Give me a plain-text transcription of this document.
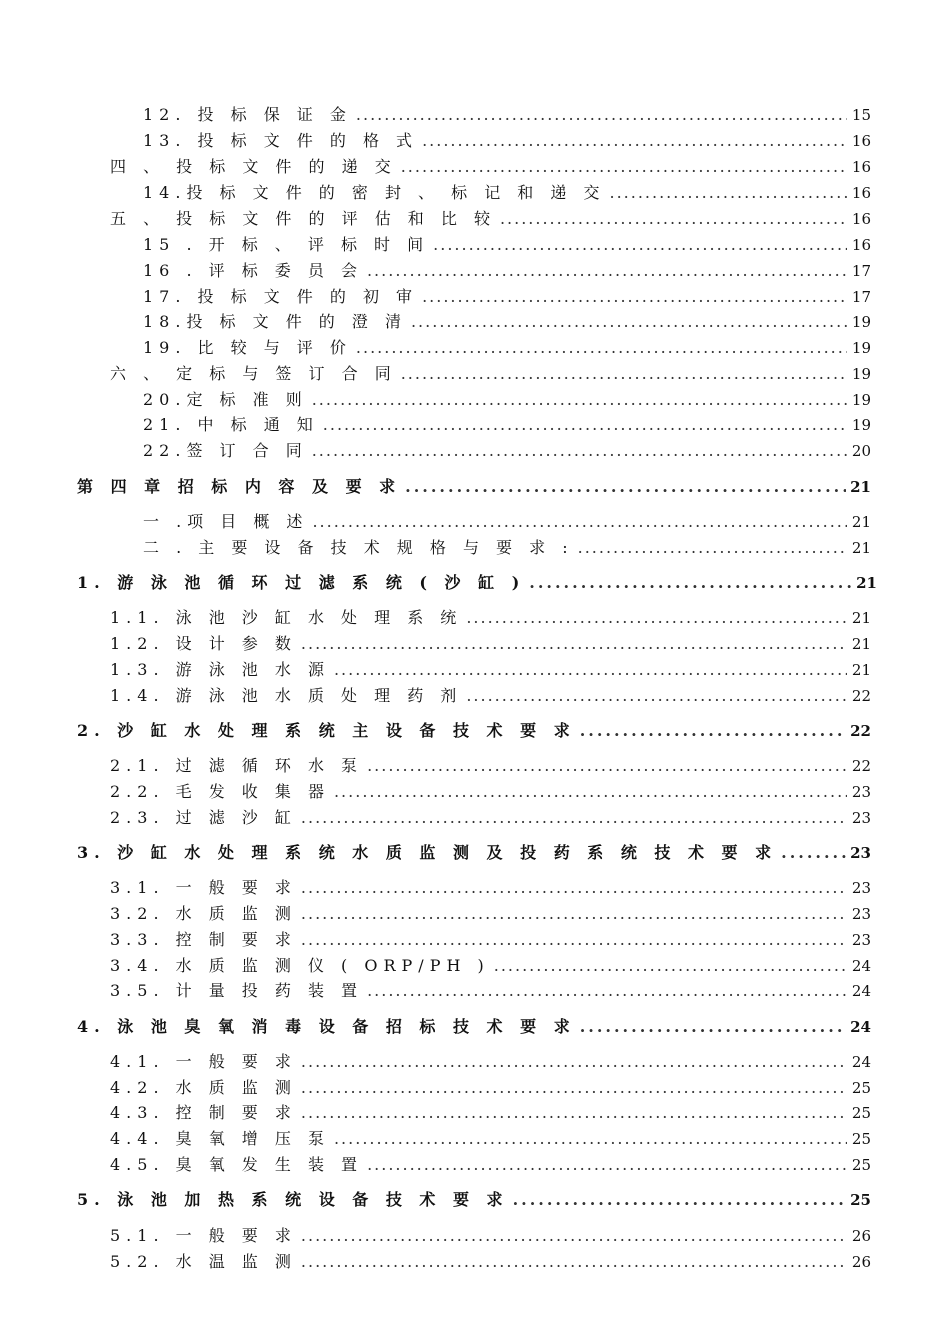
12. 投 标 保 证 金 .....	15
13. 投 标 文 件 的 格 式 .....	16
四 、 投 标 文 件 的 递 交 .....	16
14.投 标 文 件 的 密 封 、 标 记 和 递 交 .....	16
五 、 投 标 文 件 的 评 估 和 比 较 .....	16
15 . 开 标 、 评 标 时 间 .....	16
16 . 评 标 委 员 会 .....	17
17. 投 标 文 件 的 初 审 .....	17
18.投 标 文 件 的 澄 清 .....	19
19. 比 较 与 评 价 .....	19
六 、 定 标 与 签 订 合 同 .....	19
20.定 标 准 则 .....	19
21. 中 标 通 知 .....	19
22.签 订 合 同 .....	20
第 四 章 招 标 内 容 及 要 求 .....	21
一 .项 目 概 述 .....	21
二 . 主 要 设 备 技 术 规 格 与 要 求 : .....	21
1. 游 泳 池 循 环 过 滤 系 统 ( 沙 缸 ) .....	21
1.1. 泳 池 沙 缸 水 处 理 系 统 .....	21
1.2. 设 计 参 数 .....	21
1.3. 游 泳 池 水 源 .....	21
1.4. 游 泳 池 水 质 处 理 药 剂 .....	22
2. 沙 缸 水 处 理 系 统 主 设 备 技 术 要 求 .....	22
2.1. 过 滤 循 环 水 泵 .....	22
2.2. 毛 发 收 集 器 .....	23
2.3. 过 滤 沙 缸 .....	23
3. 沙 缸 水 处 理 系 统 水 质 监 测 及 投 药 系 统 技 术 要 求 .....	23
3.1. 一 般 要 求 .....	23
3.2. 水 质 监 测 .....	23
3.3. 控 制 要 求 .....	23
3.4. 水 质 监 测 仪 ( ORP/PH ) .....	24
3.5. 计 量 投 药 装 置 .....	24
4. 泳 池 臭 氧 消 毒 设 备 招 标 技 术 要 求 .....	24
4.1. 一 般 要 求 .....	24
4.2. 水 质 监 测 .....	25
4.3. 控 制 要 求 .....	25
4.4. 臭 氧 增 压 泵 .....	25
4.5. 臭 氧 发 生 装 置 .....	25
5. 泳 池 加 热 系 统 设 备 技 术 要 求 .....	25
5.1. 一 般 要 求 .....	26
5.2. 水 温 监 测 .....	26
